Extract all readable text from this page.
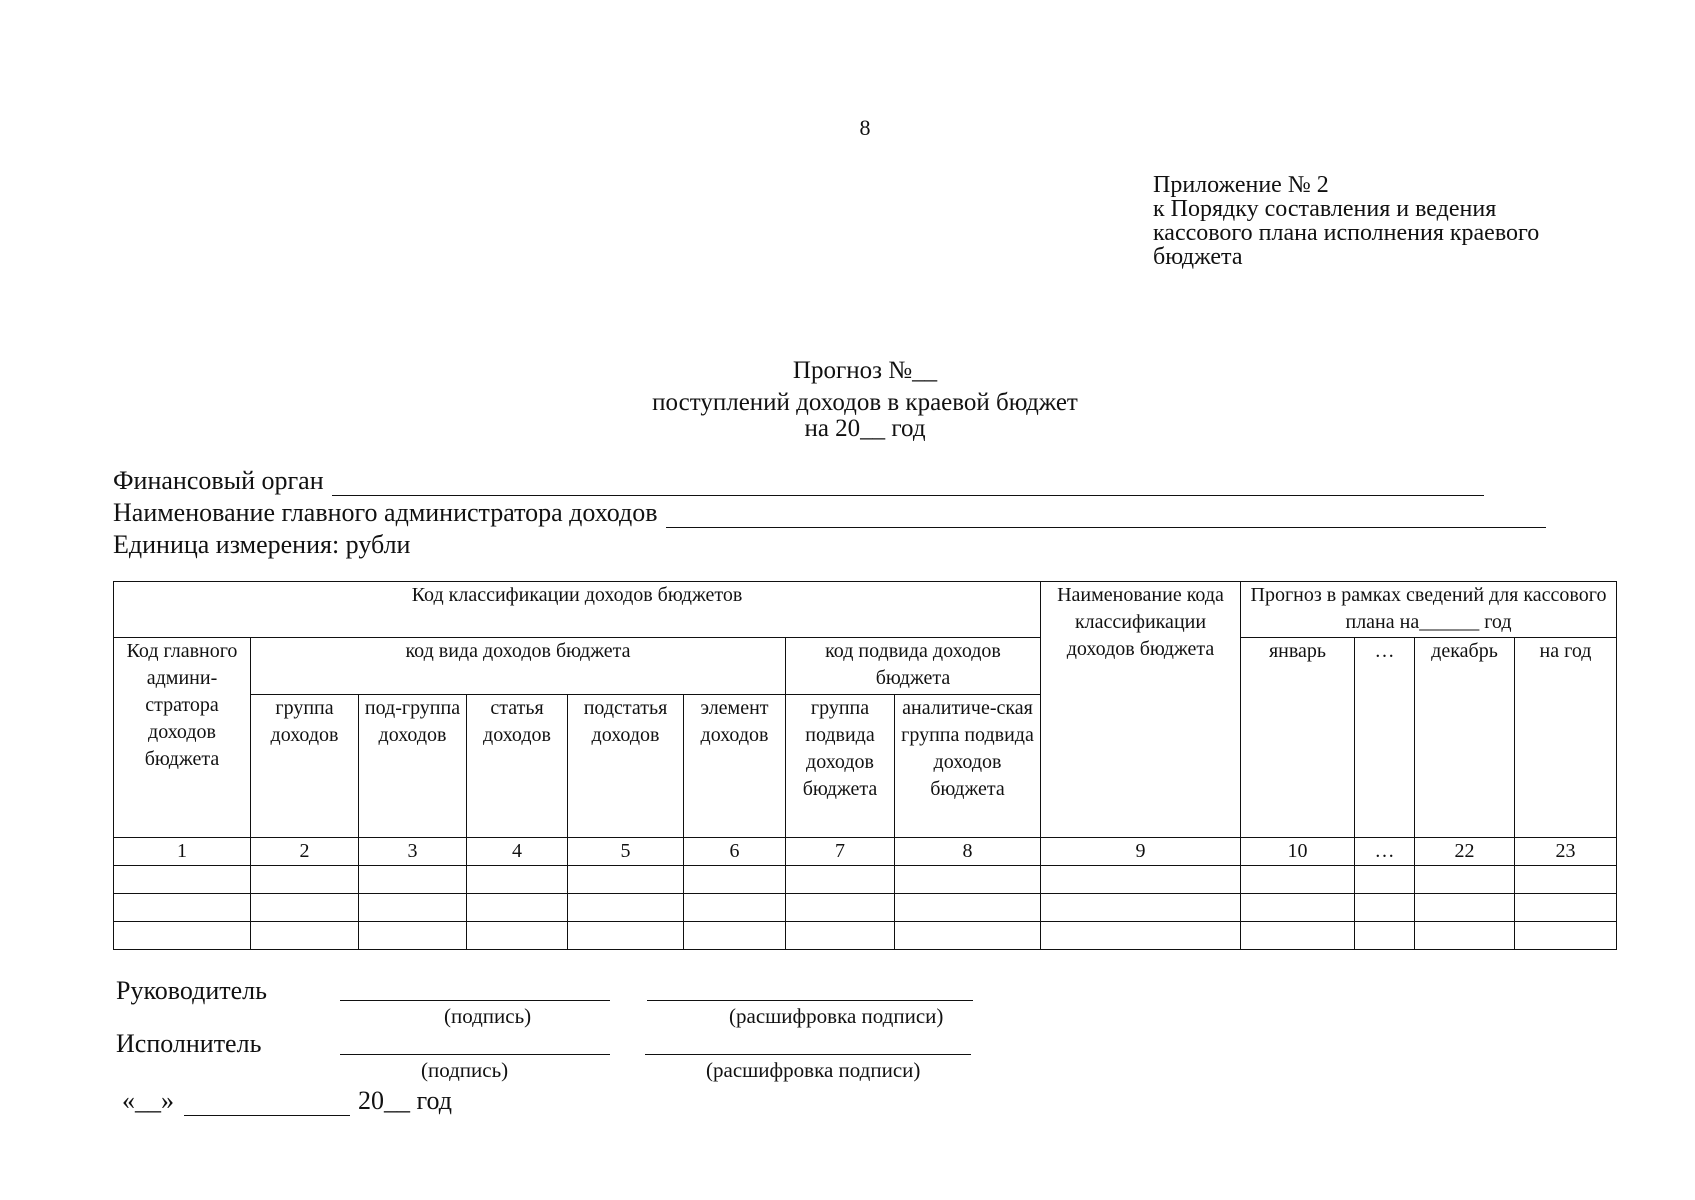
8
Приложение № 2
к Порядку составления и ведения
кассового плана исполнения краевого
бюджета
Прогноз №__
поступлений доходов в краевой бюджет
на 20__ год
Финансовый орган
Наименование главного администратора доходов
Единица измерения: рубли
Код классификации доходов бюджетов								Наименование кода классификации доходов бюджета	Прогноз в рамках сведений для кассового плана на______ год			
Код главного админи-стратора доходов бюджета	код вида доходов бюджета					код подвида доходов бюджета			январь	…	декабрь	на год
	группа доходов	под-группа доходов	статья доходов	подстатья доходов	элемент доходов	группа подвида доходов бюджета	аналитиче-ская группа подвида доходов бюджета					
1	2	3	4	5	6	7	8	9	10	…	22	23

Руководитель
(подпись)	(расшифровка подписи)
Исполнитель
(подпись)	(расшифровка подписи)
«__»	20__ год
